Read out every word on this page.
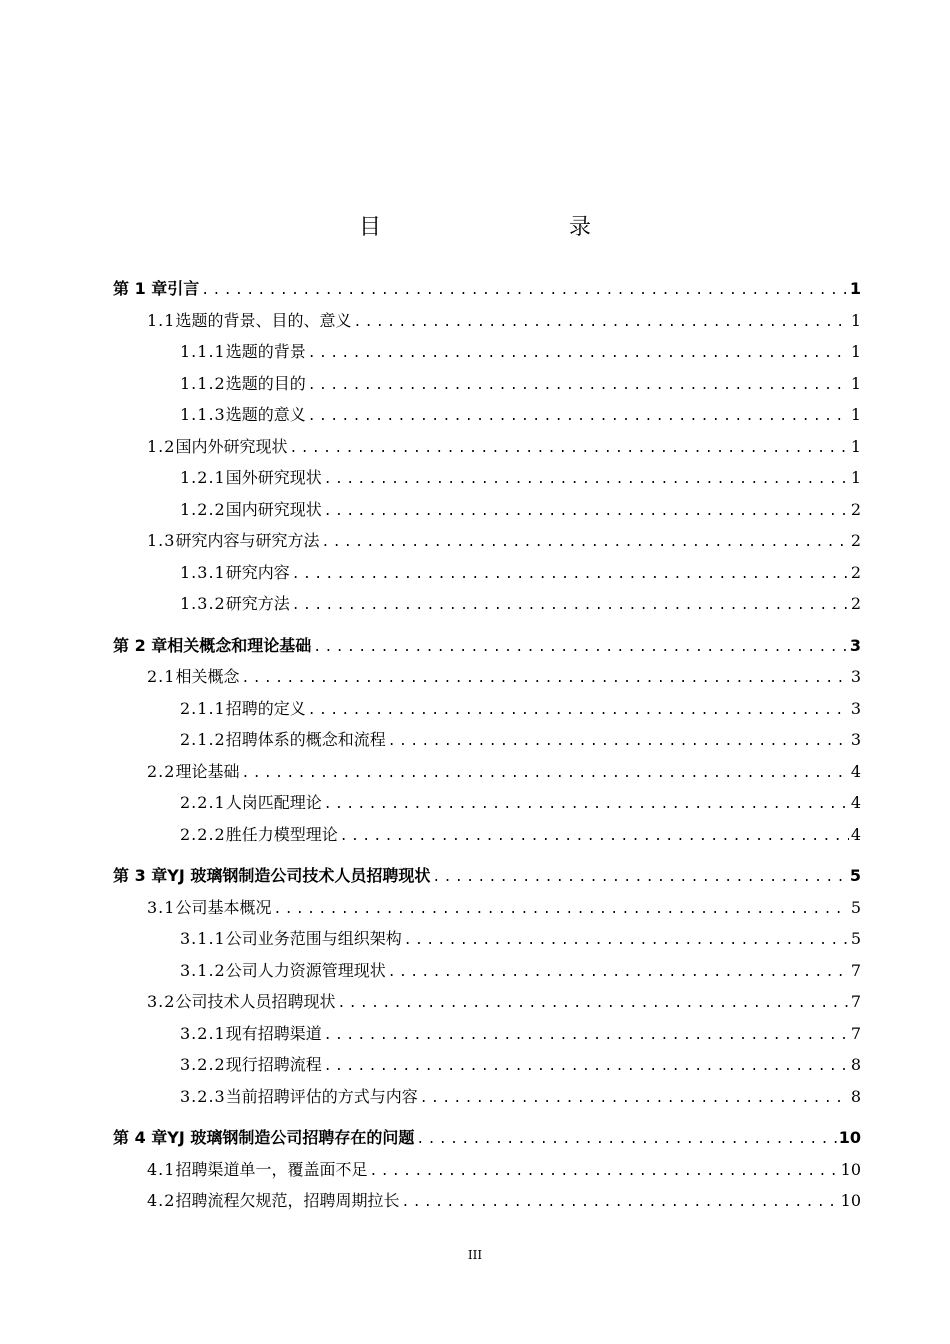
目　　录
第 1 章 引言 .....	1
1.1 选题的背景、目的、意义 .....	1
1.1.1 选题的背景 .....	1
1.1.2 选题的目的 .....	1
1.1.3 选题的意义 .....	1
1.2 国内外研究现状 .....	1
1.2.1 国外研究现状 .....	1
1.2.2 国内研究现状 .....	2
1.3 研究内容与研究方法 .....	2
1.3.1 研究内容 .....	2
1.3.2 研究方法 .....	2
第 2 章 相关概念和理论基础 .....	3
2.1 相关概念 .....	3
2.1.1 招聘的定义 .....	3
2.1.2 招聘体系的概念和流程 .....	3
2.2 理论基础 .....	4
2.2.1 人岗匹配理论 .....	4
2.2.2 胜任力模型理论 .....	4
第 3 章 YJ 玻璃钢制造公司技术人员招聘现状 .....	5
3.1 公司基本概况 .....	5
3.1.1 公司业务范围与组织架构 .....	5
3.1.2 公司人力资源管理现状 .....	7
3.2 公司技术人员招聘现状 .....	7
3.2.1 现有招聘渠道 .....	7
3.2.2 现行招聘流程 .....	8
3.2.3 当前招聘评估的方式与内容 .....	8
第 4 章 YJ 玻璃钢制造公司招聘存在的问题 .....	10
4.1 招聘渠道单一，覆盖面不足 .....	10
4.2 招聘流程欠规范，招聘周期拉长 .....	10
III
